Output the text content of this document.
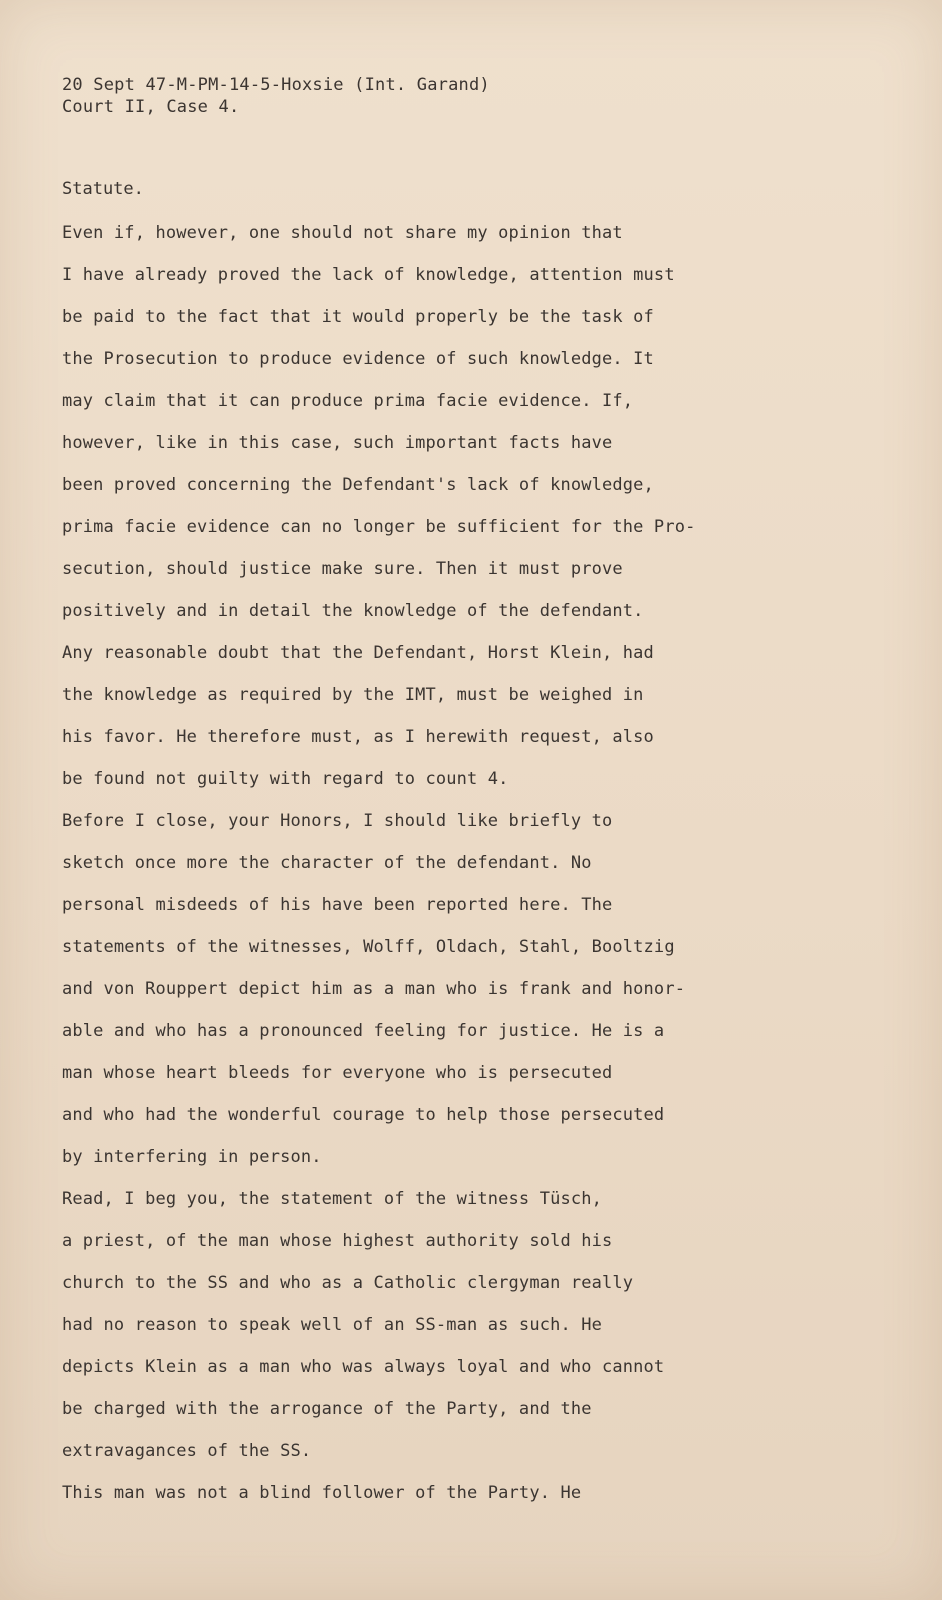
20 Sept 47-M-PM-14-5-Hoxsie (Int. Garand)
Court II, Case 4.
Statute.
Even if, however, one should not share my opinion that
I have already proved the lack of knowledge, attention must
be paid to the fact that it would properly be the task of
the Prosecution to produce evidence of such knowledge. It
may claim that it can produce prima facie evidence. If,
however, like in this case, such important facts have
been proved concerning the Defendant's lack of knowledge,
prima facie evidence can no longer be sufficient for the Pro-
secution, should justice make sure. Then it must prove
positively and in detail the knowledge of the defendant.
Any reasonable doubt that the Defendant, Horst Klein, had
the knowledge as required by the IMT, must be weighed in
his favor. He therefore must, as I herewith request, also
be found not guilty with regard to count 4.
Before I close, your Honors, I should like briefly to
sketch once more the character of the defendant. No
personal misdeeds of his have been reported here. The
statements of the witnesses, Wolff, Oldach, Stahl, Booltzig
and von Rouppert depict him as a man who is frank and honor-
able and who has a pronounced feeling for justice. He is a
man whose heart bleeds for everyone who is persecuted
and who had the wonderful courage to help those persecuted
by interfering in person.
Read, I beg you, the statement of the witness Tüsch,
a priest, of the man whose highest authority sold his
church to the SS and who as a Catholic clergyman really
had no reason to speak well of an SS-man as such. He
depicts Klein as a man who was always loyal and who cannot
be charged with the arrogance of the Party, and the
extravagances of the SS.
This man was not a blind follower of the Party. He
